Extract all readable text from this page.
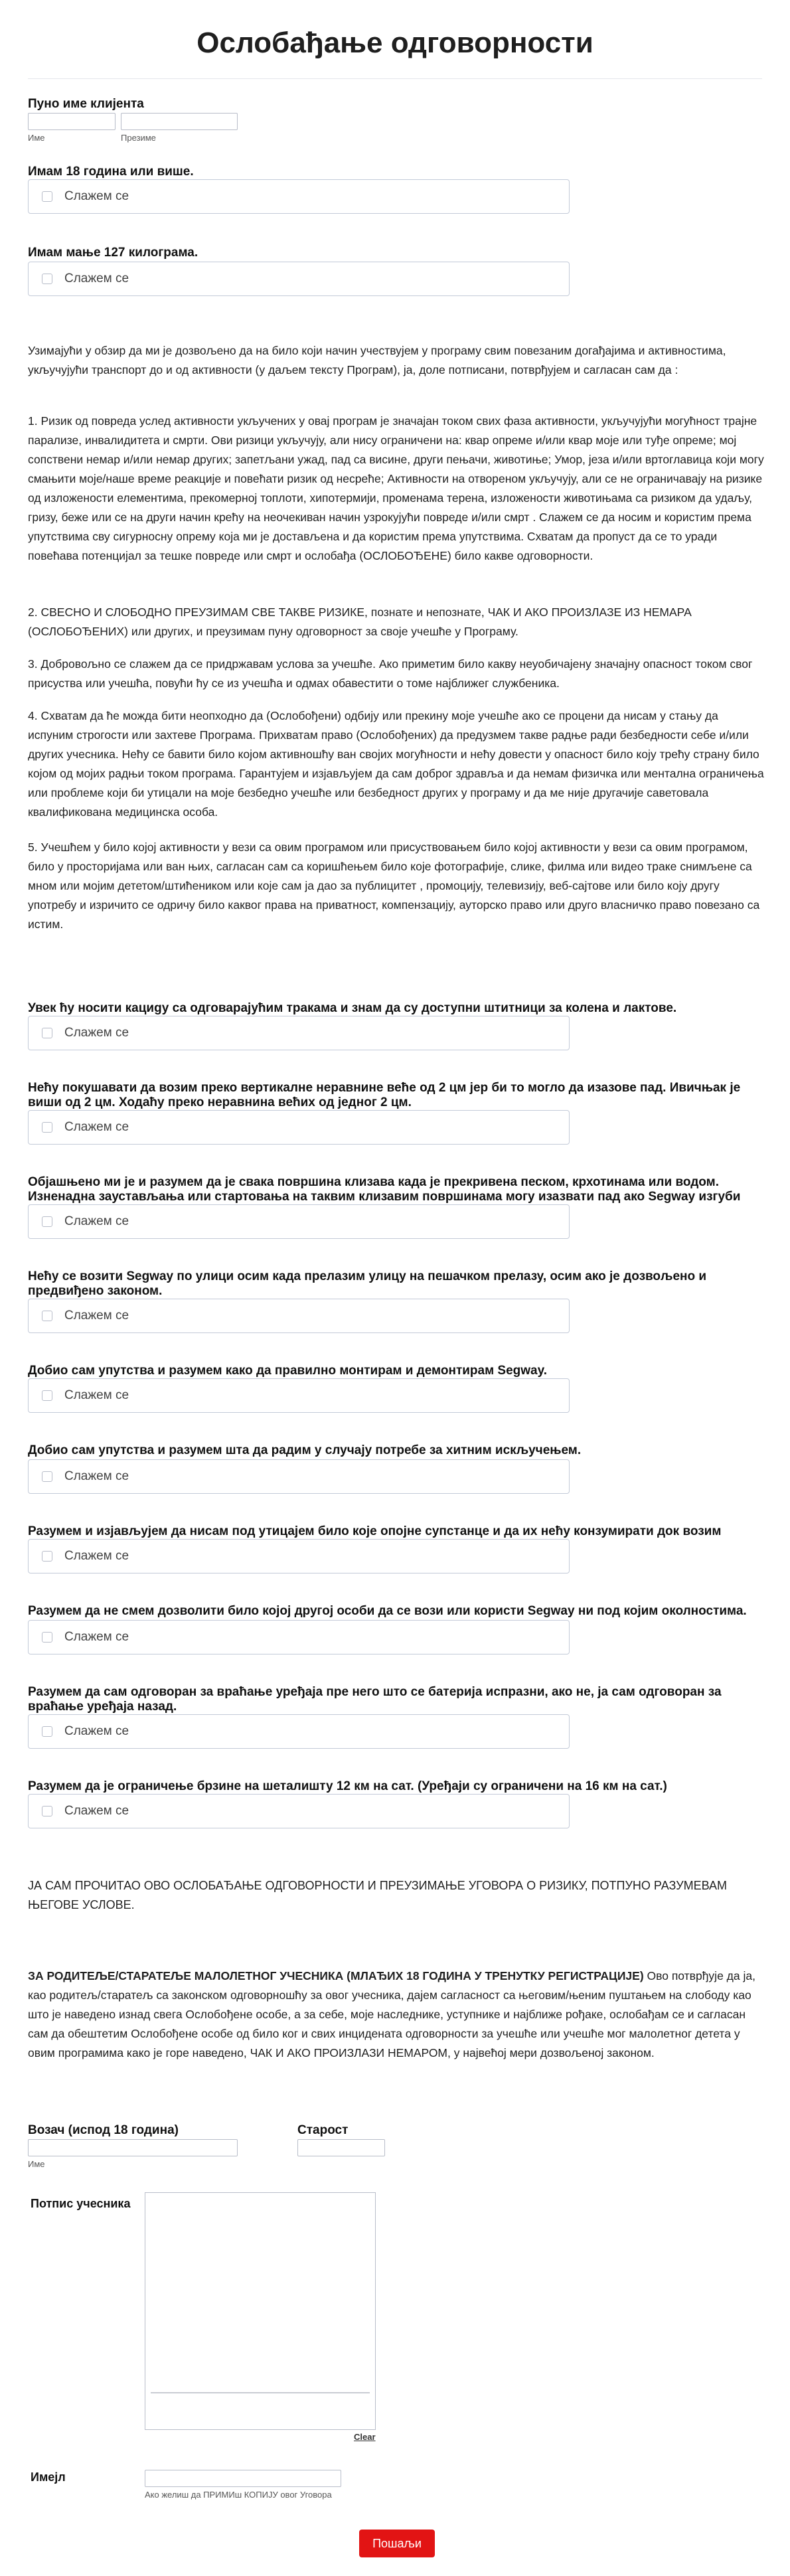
Ослобађање одговорности
Пуно име клијента
Име	Презиме
Имам 18 година или више.
Слажем се
Имам мање 127 килограма.
Слажем се
Узимајући у обзир да ми је дозвољено да на било који начин учествујем у програму свим повезаним догађајима и активностима, укључујући транспорт до и од активности (у даљем тексту Програм), ја, доле потписани, потврђујем и сагласан сам да :
1. Ризик од повреда услед активности укључених у овај програм је значајан током свих фаза активности, укључујући могућност трајне парализе, инвалидитета и смрти. Ови ризици укључују, али нису ограничени на: квар опреме и/или квар моје или туђе опреме; мој сопствени немар и/или немар других; запетљани ужад, пад са висине, други пењачи, животиње; Умор, језа и/или вртоглавица који могу смањити моје/наше време реакције и повећати ризик од несреће; Активности на отвореном укључују, али се не ограничавају на ризике од изложености елементима, прекомерној топлоти, хипотермији, променама терена, изложености животињама са ризиком да удаљу, гризу, беже или се на други начин крећу на неочекиван начин узрокујући повреде и/или смрт . Слажем се да носим и користим према упутствима сву сигурносну опрему која ми је достављена и да користим према упутствима. Схватам да пропуст да се то уради повећава потенцијал за тешке повреде или смрт и ослобађа (ОСЛОБОЂЕНЕ) било какве одговорности.
2. СВЕСНО И СЛОБОДНО ПРЕУЗИМАМ СВЕ ТАКВЕ РИЗИКЕ, познате и непознате, ЧАК И АКО ПРОИЗЛАЗЕ ИЗ НЕМАРА (ОСЛОБОЂЕНИХ) или других, и преузимам пуну одговорност за своје учешће у Програму.
3. Добровољно се слажем да се придржавам услова за учешће. Ако приметим било какву неуобичајену значајну опасност током свог присуства или учешћа, повући ћу се из учешћа и одмах обавестити о томе најближег службеника.
4. Схватам да ће можда бити неопходно да (Ослобођени) одбију или прекину моје учешће ако се процени да нисам у стању да испуним строгости или захтеве Програма. Прихватам право (Ослобођених) да предузмем такве радње ради безбедности себе и/или других учесника. Нећу се бавити било којом активношћу ван својих могућности и нећу довести у опасност било коју трећу страну било којом од мојих радњи током програма. Гарантујем и изјављујем да сам доброг здравља и да немам физичка или ментална ограничења или проблеме који би утицали на моје безбедно учешће или безбедност других у програму и да ме није другачије саветовала квалификована медицинска особа.
5. Учешћем у било којој активности у вези са овим програмом или присуствовањем било којој активности у вези са овим програмом, било у просторијама или ван њих, сагласан сам са коришћењем било које фотографије, слике, филма или видео траке снимљене са мном или мојим дететом/штићеником или које сам ја дао за публицитет , промоцију, телевизију, веб-сајтове или било коју другу употребу и изричито се одричу било каквог права на приватност, компензацију, ауторско право или друго власничко право повезано са истим.
Увек ћу носити кациgу са одговарајућим тракама и знам да су доступни штитници за колена и лактове.
Слажем се
Нећу покушавати да возим преко вертикалне неравнине веће од 2 цм јер би то могло да изазове пад. Ивичњак је виши од 2 цм. Ходаћу преко неравнина већих од једног 2 цм.
Слажем се
Објашњено ми је и разумем да је свака површина клизава када је прекривена песком, крхотинама или водом. Изненадна заустављања или стартовања на таквим клизавим површинама могу изазвати пад ако Segway изгуби
Слажем се
Нећу се возити Segway по улици осим када прелазим улицу на пешачком прелазу, осим ако је дозвољено и предвиђено законом.
Слажем се
Добио сам упутства и разумем како да правилно монтирам и демонтирам Segway.
Слажем се
Добио сам упутства и разумем шта да радим у случају потребе за хитним искључењем.
Слажем се
Разумем и изјављујем да нисам под утицајем било које опојне супстанце и да их нећу конзумирати док возим
Слажем се
Разумем да не смем дозволити било којој другој особи да се вози или користи Segway ни под којим околностима.
Слажем се
Разумем да сам одговоран за враћање уређаја пре него што се батерија испразни, ако не, ја сам одговоран за враћање уређаја назад.
Слажем се
Разумем да је ограничење брзине на шеталишту 12 км на сат. (Уређаји су ограничени на 16 км на сат.)
Слажем се
ЈА САМ ПРОЧИТАО ОВО ОСЛОБАЂАЊЕ ОДГОВОРНОСТИ И ПРЕУЗИМАЊЕ УГОВОРА О РИЗИКУ, ПОТПУНО РАЗУМЕВАМ ЊЕГОВЕ УСЛОВЕ.
ЗА РОДИТЕЉЕ/СТАРАТЕЉЕ МАЛОЛЕТНОГ УЧЕСНИКА (МЛАЂИХ 18 ГОДИНА У ТРЕНУТКУ РЕГИСТРАЦИЈЕ) Ово потврђује да ја, као родитељ/старатељ са законском одговорношћу за овог учесника, дајем сагласност са његовим/њеним пуштањем на слободу као што је наведено изнад свега Ослобођене особе, а за себе, моје наследнике, уступнике и најближе рођаке, ослобађам се и сагласан сам да обештетим Ослобођене особе од било ког и свих инцидената одговорности за учешће или учешће мог малолетног детета у овим програмима како је горе наведено, ЧАК И АКО ПРОИЗЛАЗИ НЕМАРОМ, у највећој мери дозвољеној законом.
Возач (испод 18 година)
Име
Старост
Потпис учесника
Clear
Имејл
Ако желиш да ПРИМИш КОПИЈУ овог Уговора
Пошаљи
